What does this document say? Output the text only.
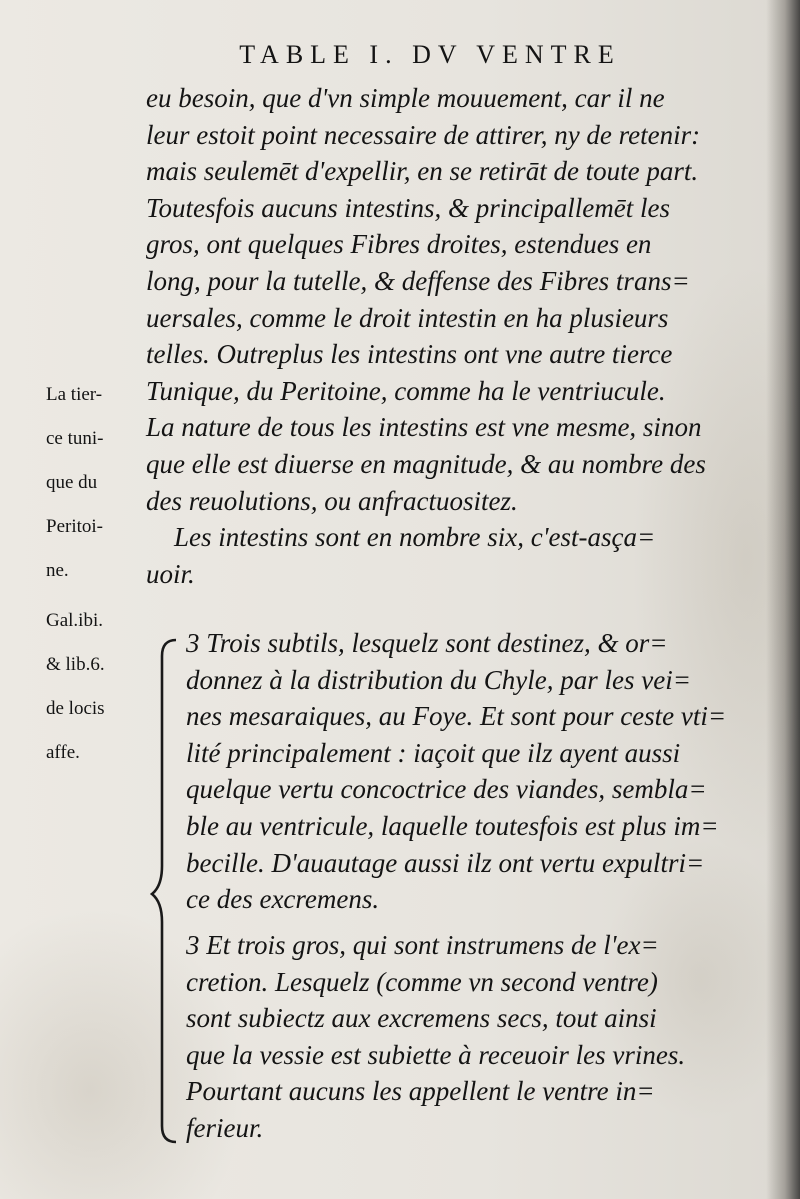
TABLE I. DV VENTRE
eu besoin, que d'vn simple mouuement, car il ne
leur estoit point necessaire de attirer, ny de retenir:
mais seulemēt d'expellir, en se retirāt de toute part.
Toutesfois aucuns intestins, & principallemēt les
gros, ont quelques Fibres droites, estendues en
long, pour la tutelle, & deffense des Fibres trans=
uersales, comme le droit intestin en ha plusieurs
telles. Outreplus les intestins ont vne autre tierce
Tunique, du Peritoine, comme ha le ventriucule.
La nature de tous les intestins est vne mesme, sinon
que elle est diuerse en magnitude, & au nombre des
des reuolutions, ou anfractuositez.
Les intestins sont en nombre six, c'est-asça=
uoir.
La tier-

ce tuni-

que du

Peritoi-

ne.
Gal.ibi.

& lib.6.

de locis

affe.
3 Trois subtils, lesquelz sont destinez, & or=
donnez à la distribution du Chyle, par les vei=
nes mesaraiques, au Foye. Et sont pour ceste vti=
lité principalement : iaçoit que ilz ayent aussi
quelque vertu concoctrice des viandes, sembla=
ble au ventricule, laquelle toutesfois est plus im=
becille. D'auautage aussi ilz ont vertu expultri=
ce des excremens.
3 Et trois gros, qui sont instrumens de l'ex=
cretion. Lesquelz (comme vn second ventre)
sont subiectz aux excremens secs, tout ainsi
que la vessie est subiette à receuoir les vrines.
Pourtant aucuns les appellent le ventre in=
ferieur.
